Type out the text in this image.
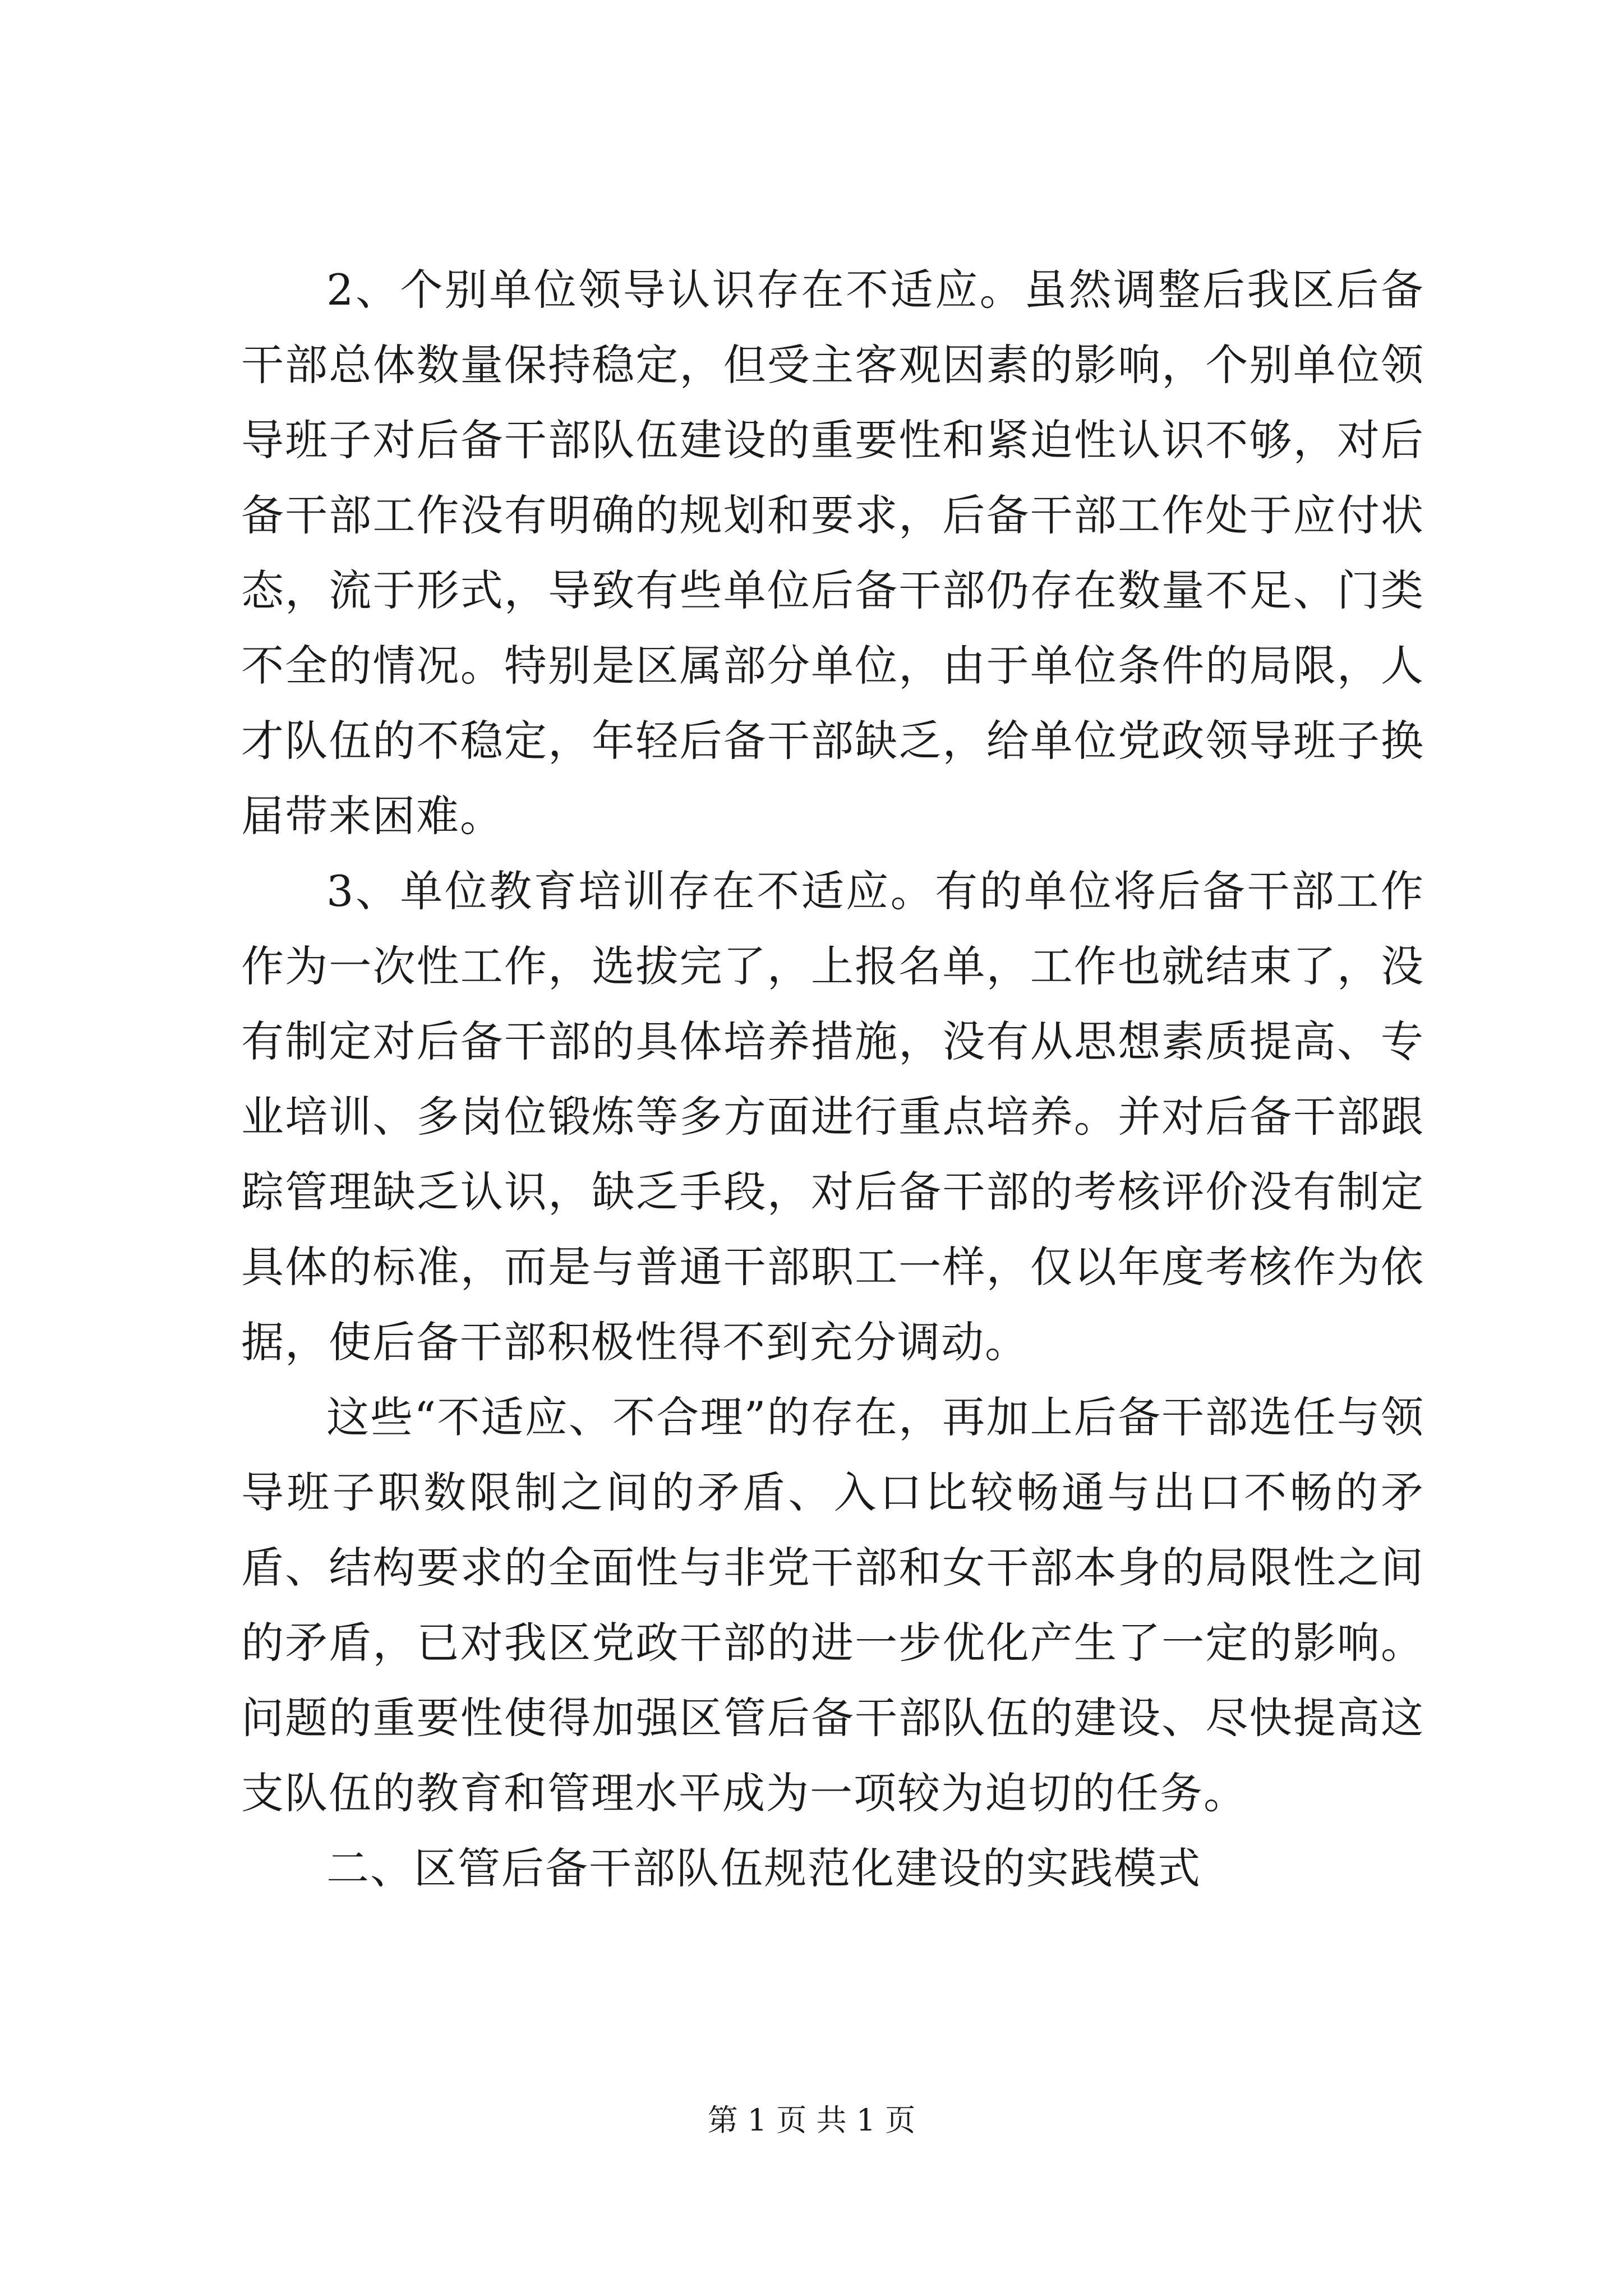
2、个别单位领导认识存在不适应。虽然调整后我区后备干部总体数量保持稳定，但受主客观因素的影响，个别单位领导班子对后备干部队伍建设的重要性和紧迫性认识不够，对后备干部工作没有明确的规划和要求，后备干部工作处于应付状态，流于形式，导致有些单位后备干部仍存在数量不足、门类不全的情况。特别是区属部分单位，由于单位条件的局限，人才队伍的不稳定，年轻后备干部缺乏，给单位党政领导班子换届带来困难。

3、单位教育培训存在不适应。有的单位将后备干部工作作为一次性工作，选拔完了，上报名单，工作也就结束了，没有制定对后备干部的具体培养措施，没有从思想素质提高、专业培训、多岗位锻炼等多方面进行重点培养。并对后备干部跟踪管理缺乏认识，缺乏手段，对后备干部的考核评价没有制定具体的标准，而是与普通干部职工一样，仅以年度考核作为依据，使后备干部积极性得不到充分调动。

这些“不适应、不合理”的存在，再加上后备干部选任与领导班子职数限制之间的矛盾、入口比较畅通与出口不畅的矛盾、结构要求的全面性与非党干部和女干部本身的局限性之间的矛盾，已对我区党政干部的进一步优化产生了一定的影响。问题的重要性使得加强区管后备干部队伍的建设、尽快提高这支队伍的教育和管理水平成为一项较为迫切的任务。

二、区管后备干部队伍规范化建设的实践模式

第 1 页 共 1 页
